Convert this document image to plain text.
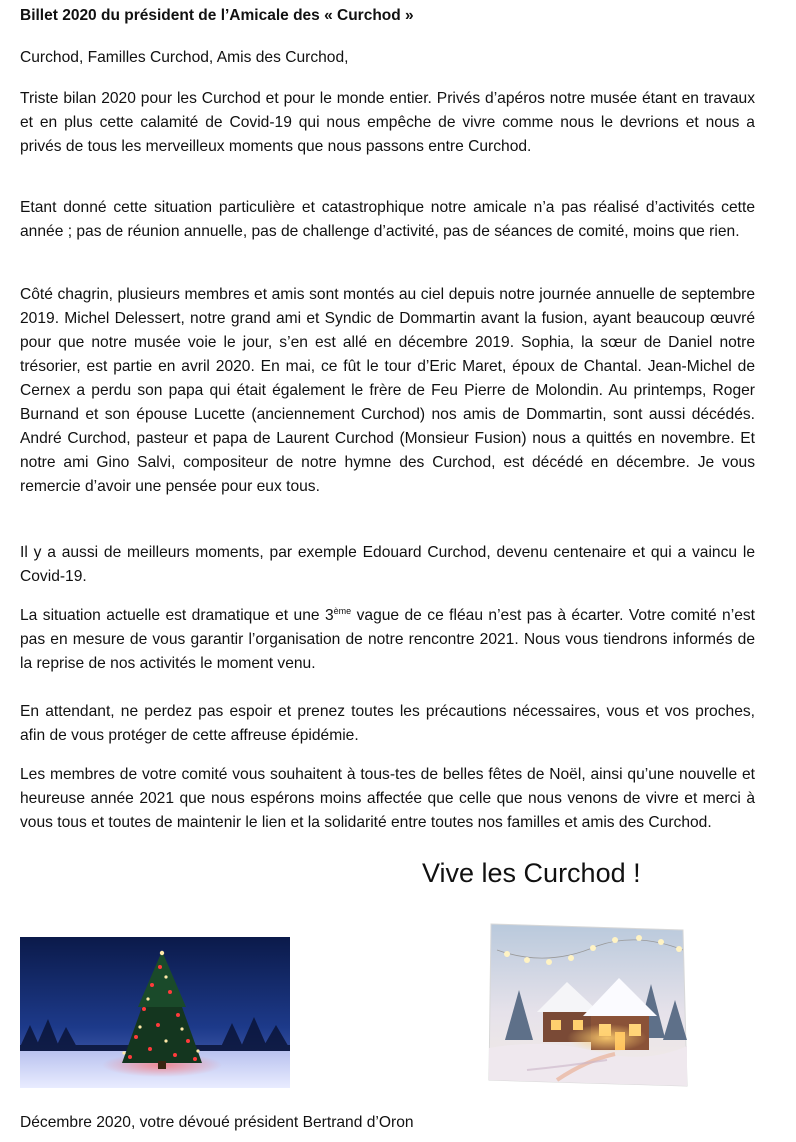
Billet 2020 du président de l’Amicale des « Curchod »

Curchod, Familles Curchod, Amis des Curchod,

Triste bilan 2020 pour les Curchod et pour le monde entier. Privés d’apéros notre musée étant en travaux et en plus cette calamité de Covid-19 qui nous empêche de vivre comme nous le devrions et nous a privés de tous les merveilleux moments que nous passons entre Curchod.

Etant donné cette situation particulière et catastrophique notre amicale n’a pas réalisé d’activités cette année ; pas de réunion annuelle, pas de challenge d’activité, pas de séances de comité, moins que rien.

Côté chagrin, plusieurs membres et amis sont montés au ciel depuis notre journée annuelle de septembre 2019. Michel Delessert, notre grand ami et Syndic de Dommartin avant la fusion, ayant beaucoup œuvré pour que notre musée voie le jour, s’en est allé en décembre 2019. Sophia, la sœur de Daniel notre trésorier, est partie en avril 2020. En mai, ce fût le tour d’Eric Maret, époux de Chantal. Jean-Michel de Cernex a perdu son papa qui était également le frère de Feu Pierre de Molondin. Au printemps, Roger Burnand et son épouse Lucette (anciennement Curchod) nos amis de Dommartin, sont aussi décédés. André Curchod, pasteur et papa de Laurent Curchod (Monsieur Fusion) nous a quittés en novembre. Et notre ami Gino Salvi, compositeur de notre hymne des Curchod, est décédé en décembre. Je vous remercie d’avoir une pensée pour eux tous.

Il y a aussi de meilleurs moments, par exemple Edouard Curchod, devenu centenaire et qui a vaincu le Covid-19.

La situation actuelle est dramatique et une 3ème vague de ce fléau n’est pas à écarter. Votre comité n’est pas en mesure de vous garantir l’organisation de notre rencontre 2021. Nous vous tiendrons informés de la reprise de nos activités le moment venu.

En attendant, ne perdez pas espoir et prenez toutes les précautions nécessaires, vous et vos proches, afin de vous protéger de cette affreuse épidémie.

Les membres de votre comité vous souhaitent à tous-tes de belles fêtes de Noël, ainsi qu’une nouvelle et heureuse année 2021 que nous espérons moins affectée que celle que nous venons de vivre et merci à vous tous et toutes de maintenir le lien et la solidarité entre toutes nos familles et amis des Curchod.

Vive les Curchod !
Décembre 2020, votre dévoué président Bertrand d’Oron
